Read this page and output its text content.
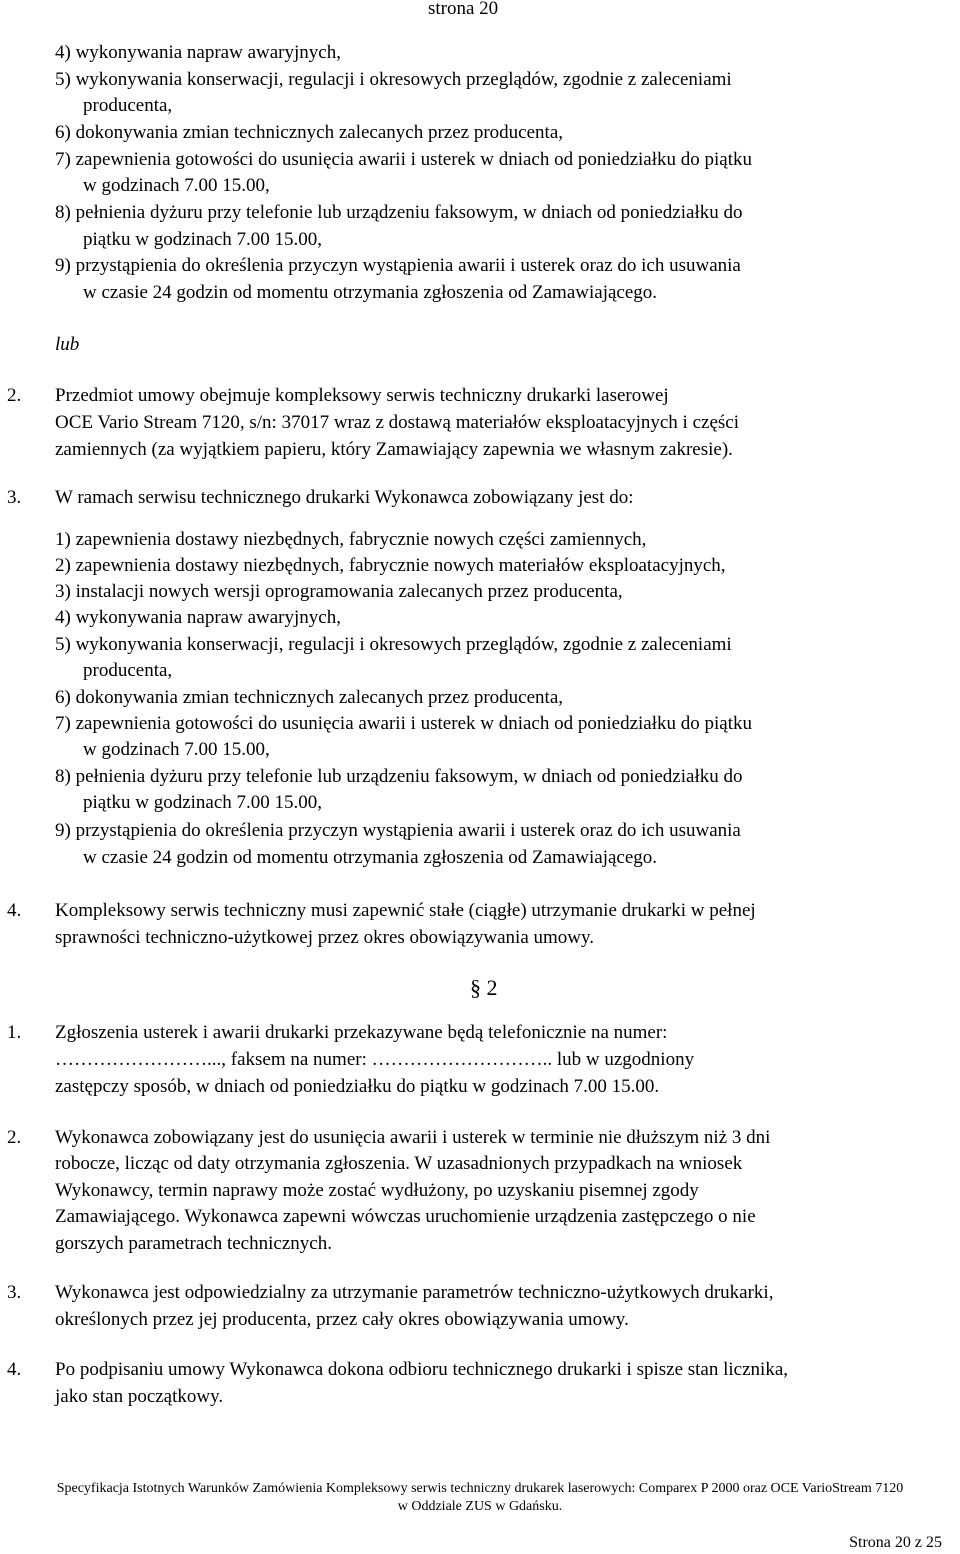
strona 20
4) wykonywania napraw awaryjnych,
5) wykonywania konserwacji, regulacji i okresowych przeglądów, zgodnie z zaleceniami
producenta,
6) dokonywania zmian technicznych zalecanych przez producenta,
7) zapewnienia gotowości do usunięcia awarii i usterek w dniach od poniedziałku do piątku
w godzinach 7.00 15.00,
8) pełnienia dyżuru przy telefonie lub urządzeniu faksowym, w dniach od poniedziałku do
piątku w godzinach 7.00 15.00,
9) przystąpienia do określenia przyczyn wystąpienia awarii i usterek oraz do ich usuwania
w czasie 24 godzin od momentu otrzymania zgłoszenia od Zamawiającego.
lub
2. Przedmiot umowy obejmuje kompleksowy serwis techniczny drukarki laserowej
OCE Vario Stream 7120, s/n: 37017 wraz z dostawą materiałów eksploatacyjnych i części
zamiennych (za wyjątkiem papieru, który Zamawiający zapewnia we własnym zakresie).
3. W ramach serwisu technicznego drukarki Wykonawca zobowiązany jest do:
1) zapewnienia dostawy niezbędnych, fabrycznie nowych części zamiennych,
2) zapewnienia dostawy niezbędnych, fabrycznie nowych materiałów eksploatacyjnych,
3) instalacji nowych wersji oprogramowania zalecanych przez producenta,
4) wykonywania napraw awaryjnych,
5) wykonywania konserwacji, regulacji i okresowych przeglądów, zgodnie z zaleceniami
producenta,
6) dokonywania zmian technicznych zalecanych przez producenta,
7) zapewnienia gotowości do usunięcia awarii i usterek w dniach od poniedziałku do piątku
w godzinach 7.00 15.00,
8) pełnienia dyżuru przy telefonie lub urządzeniu faksowym, w dniach od poniedziałku do
piątku w godzinach 7.00 15.00,
9) przystąpienia do określenia przyczyn wystąpienia awarii i usterek oraz do ich usuwania
w czasie 24 godzin od momentu otrzymania zgłoszenia od Zamawiającego.
4. Kompleksowy serwis techniczny musi zapewnić stałe (ciągłe) utrzymanie drukarki w pełnej
sprawności techniczno-użytkowej przez okres obowiązywania umowy.
§ 2
1. Zgłoszenia usterek i awarii drukarki przekazywane będą telefonicznie na numer:
……………………..., faksem na numer: ……………………….. lub w uzgodniony
zastępczy sposób, w dniach od poniedziałku do piątku w godzinach 7.00 15.00.
2. Wykonawca zobowiązany jest do usunięcia awarii i usterek w terminie nie dłuższym niż 3 dni
robocze, licząc od daty otrzymania zgłoszenia. W uzasadnionych przypadkach na wniosek
Wykonawcy, termin naprawy może zostać wydłużony, po uzyskaniu pisemnej zgody
Zamawiającego. Wykonawca zapewni wówczas uruchomienie urządzenia zastępczego o nie
gorszych parametrach technicznych.
3. Wykonawca jest odpowiedzialny za utrzymanie parametrów techniczno-użytkowych drukarki,
określonych przez jej producenta, przez cały okres obowiązywania umowy.
4. Po podpisaniu umowy Wykonawca dokona odbioru technicznego drukarki i spisze stan licznika,
jako stan początkowy.
Specyfikacja Istotnych Warunków Zamówienia Kompleksowy serwis techniczny drukarek laserowych: Comparex P 2000 oraz OCE VarioStream 7120
w Oddziale ZUS w Gdańsku.
Strona 20 z 25
